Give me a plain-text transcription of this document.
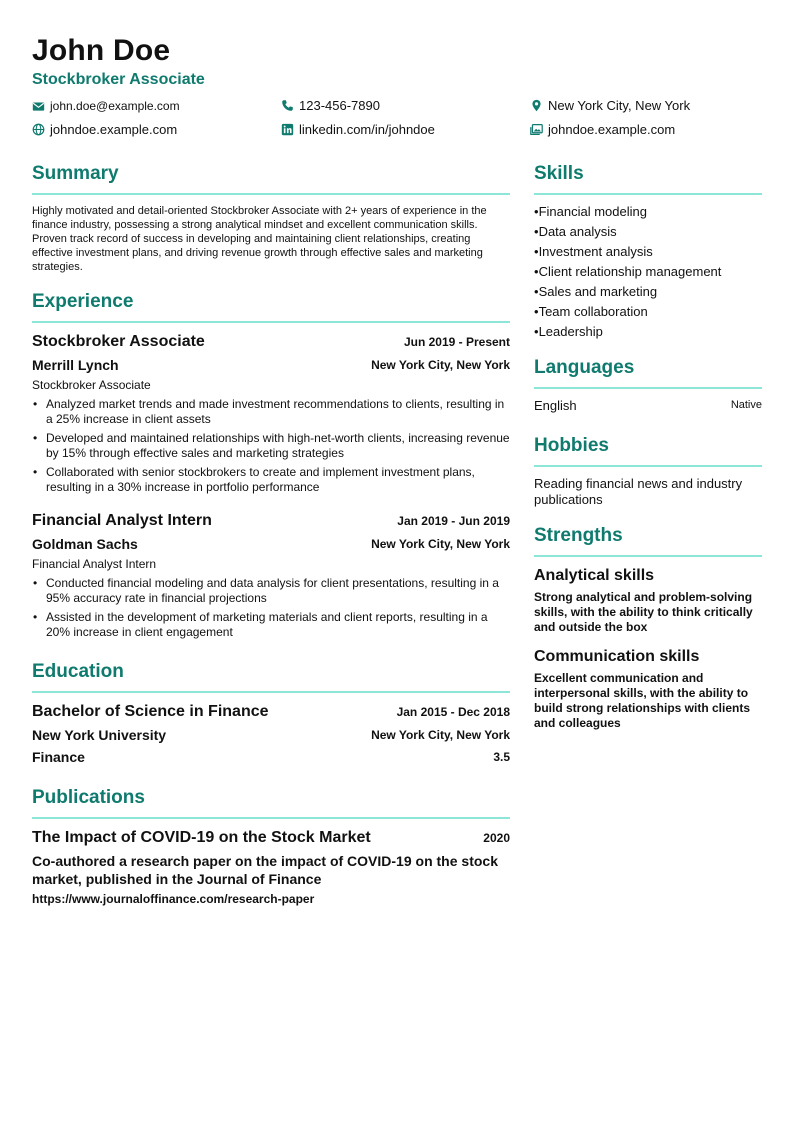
John Doe
Stockbroker Associate
john.doe@example.com	123-456-7890	New York City, New York
johndoe.example.com	linkedin.com/in/johndoe	johndoe.example.com
Summary
Highly motivated and detail-oriented Stockbroker Associate with 2+ years of experience in the finance industry, possessing a strong analytical mindset and excellent communication skills. Proven track record of success in developing and maintaining client relationships, creating effective investment plans, and driving revenue growth through effective sales and marketing strategies.
Experience
Stockbroker Associate	Jun 2019 - Present
Merrill Lynch	New York City, New York
Stockbroker Associate
• Analyzed market trends and made investment recommendations to clients, resulting in a 25% increase in client assets
• Developed and maintained relationships with high-net-worth clients, increasing revenue by 15% through effective sales and marketing strategies
• Collaborated with senior stockbrokers to create and implement investment plans, resulting in a 30% increase in portfolio performance
Financial Analyst Intern	Jan 2019 - Jun 2019
Goldman Sachs	New York City, New York
Financial Analyst Intern
• Conducted financial modeling and data analysis for client presentations, resulting in a 95% accuracy rate in financial projections
• Assisted in the development of marketing materials and client reports, resulting in a 20% increase in client engagement
Education
Bachelor of Science in Finance	Jan 2015 - Dec 2018
New York University	New York City, New York
Finance	3.5
Publications
The Impact of COVID-19 on the Stock Market	2020
Co-authored a research paper on the impact of COVID-19 on the stock market, published in the Journal of Finance
https://www.journaloffinance.com/research-paper
Skills
• Financial modeling
• Data analysis
• Investment analysis
• Client relationship management
• Sales and marketing
• Team collaboration
• Leadership
Languages
English	Native
Hobbies
Reading financial news and industry publications
Strengths
Analytical skills
Strong analytical and problem-solving skills, with the ability to think critically and outside the box
Communication skills
Excellent communication and interpersonal skills, with the ability to build strong relationships with clients and colleagues
